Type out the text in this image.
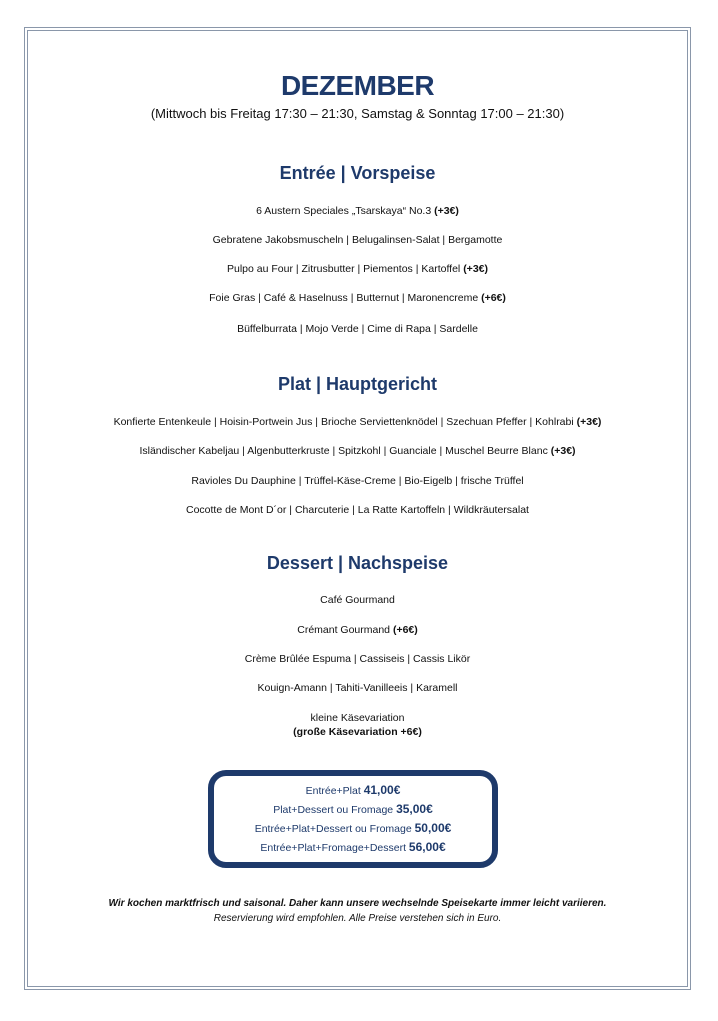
DEZEMBER
(Mittwoch bis Freitag 17:30 – 21:30, Samstag & Sonntag 17:00 – 21:30)
Entrée | Vorspeise
6 Austern Speciales „Tsarskaya“ No.3 (+3€)
Gebratene Jakobsmuscheln | Belugalinsen-Salat | Bergamotte
Pulpo au Four | Zitrusbutter | Piementos | Kartoffel (+3€)
Foie Gras | Café & Haselnuss | Butternut | Maronencreme (+6€)
Büffelburrata | Mojo Verde | Cime di Rapa | Sardelle
Plat | Hauptgericht
Konfierte Entenkeule | Hoisin-Portwein Jus | Brioche Serviettenknödel | Szechuan Pfeffer | Kohlrabi (+3€)
Isländischer Kabeljau | Algenbutterkruste | Spitzkohl | Guanciale | Muschel Beurre Blanc (+3€)
Ravioles Du Dauphine | Trüffel-Käse-Creme | Bio-Eigelb | frische Trüffel
Cocotte de Mont D´or | Charcuterie | La Ratte Kartoffeln | Wildkräutersalat
Dessert | Nachspeise
Café Gourmand
Crémant Gourmand (+6€)
Crème Brûlée Espuma | Cassiseis | Cassis Likör
Kouign-Amann | Tahiti-Vanilleeis | Karamell
kleine Käsevariation
(große Käsevariation +6€)
Entrée+Plat 41,00€
Plat+Dessert ou Fromage 35,00€
Entrée+Plat+Dessert ou Fromage 50,00€
Entrée+Plat+Fromage+Dessert 56,00€
Wir kochen marktfrisch und saisonal. Daher kann unsere wechselnde Speisekarte immer leicht variieren.
Reservierung wird empfohlen. Alle Preise verstehen sich in Euro.
